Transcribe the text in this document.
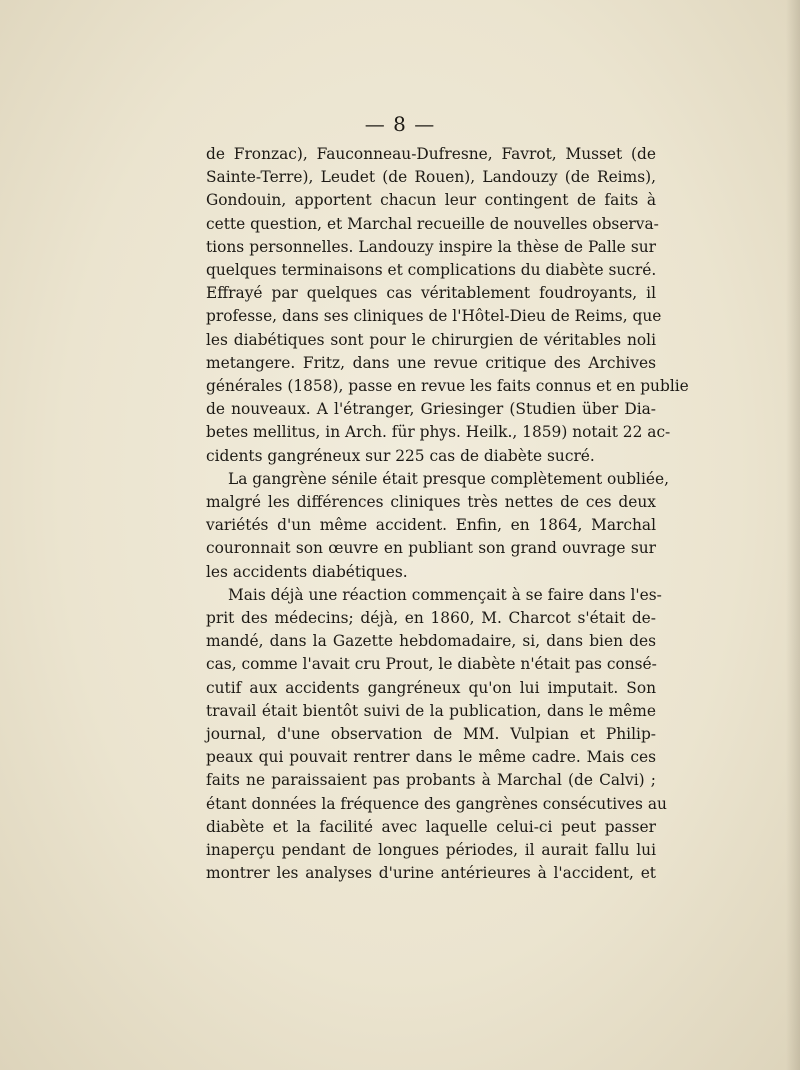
— 8 —
de Fronzac), Fauconneau-Dufresne, Favrot, Musset (de
Sainte-Terre), Leudet (de Rouen), Landouzy (de Reims),
Gondouin, apportent chacun leur contingent de faits à
cette question, et Marchal recueille de nouvelles observa-
tions personnelles. Landouzy inspire la thèse de Palle sur
quelques terminaisons et complications du diabète sucré.
Effrayé par quelques cas véritablement foudroyants, il
professe, dans ses cliniques de l'Hôtel-Dieu de Reims, que
les diabétiques sont pour le chirurgien de véritables noli
metangere. Fritz, dans une revue critique des Archives
générales (1858), passe en revue les faits connus et en publie
de nouveaux. A l'étranger, Griesinger (Studien über Dia-
betes mellitus, in Arch. für phys. Heilk., 1859) notait 22 ac-
cidents gangréneux sur 225 cas de diabète sucré.
La gangrène sénile était presque complètement oubliée,
malgré les différences cliniques très nettes de ces deux
variétés d'un même accident. Enfin, en 1864, Marchal
couronnait son œuvre en publiant son grand ouvrage sur
les accidents diabétiques.
Mais déjà une réaction commençait à se faire dans l'es-
prit des médecins; déjà, en 1860, M. Charcot s'était de-
mandé, dans la Gazette hebdomadaire, si, dans bien des
cas, comme l'avait cru Prout, le diabète n'était pas consé-
cutif aux accidents gangréneux qu'on lui imputait. Son
travail était bientôt suivi de la publication, dans le même
journal, d'une observation de MM. Vulpian et Philip-
peaux qui pouvait rentrer dans le même cadre. Mais ces
faits ne paraissaient pas probants à Marchal (de Calvi) ;
étant données la fréquence des gangrènes consécutives au
diabète et la facilité avec laquelle celui-ci peut passer
inaperçu pendant de longues périodes, il aurait fallu lui
montrer les analyses d'urine antérieures à l'accident, et
